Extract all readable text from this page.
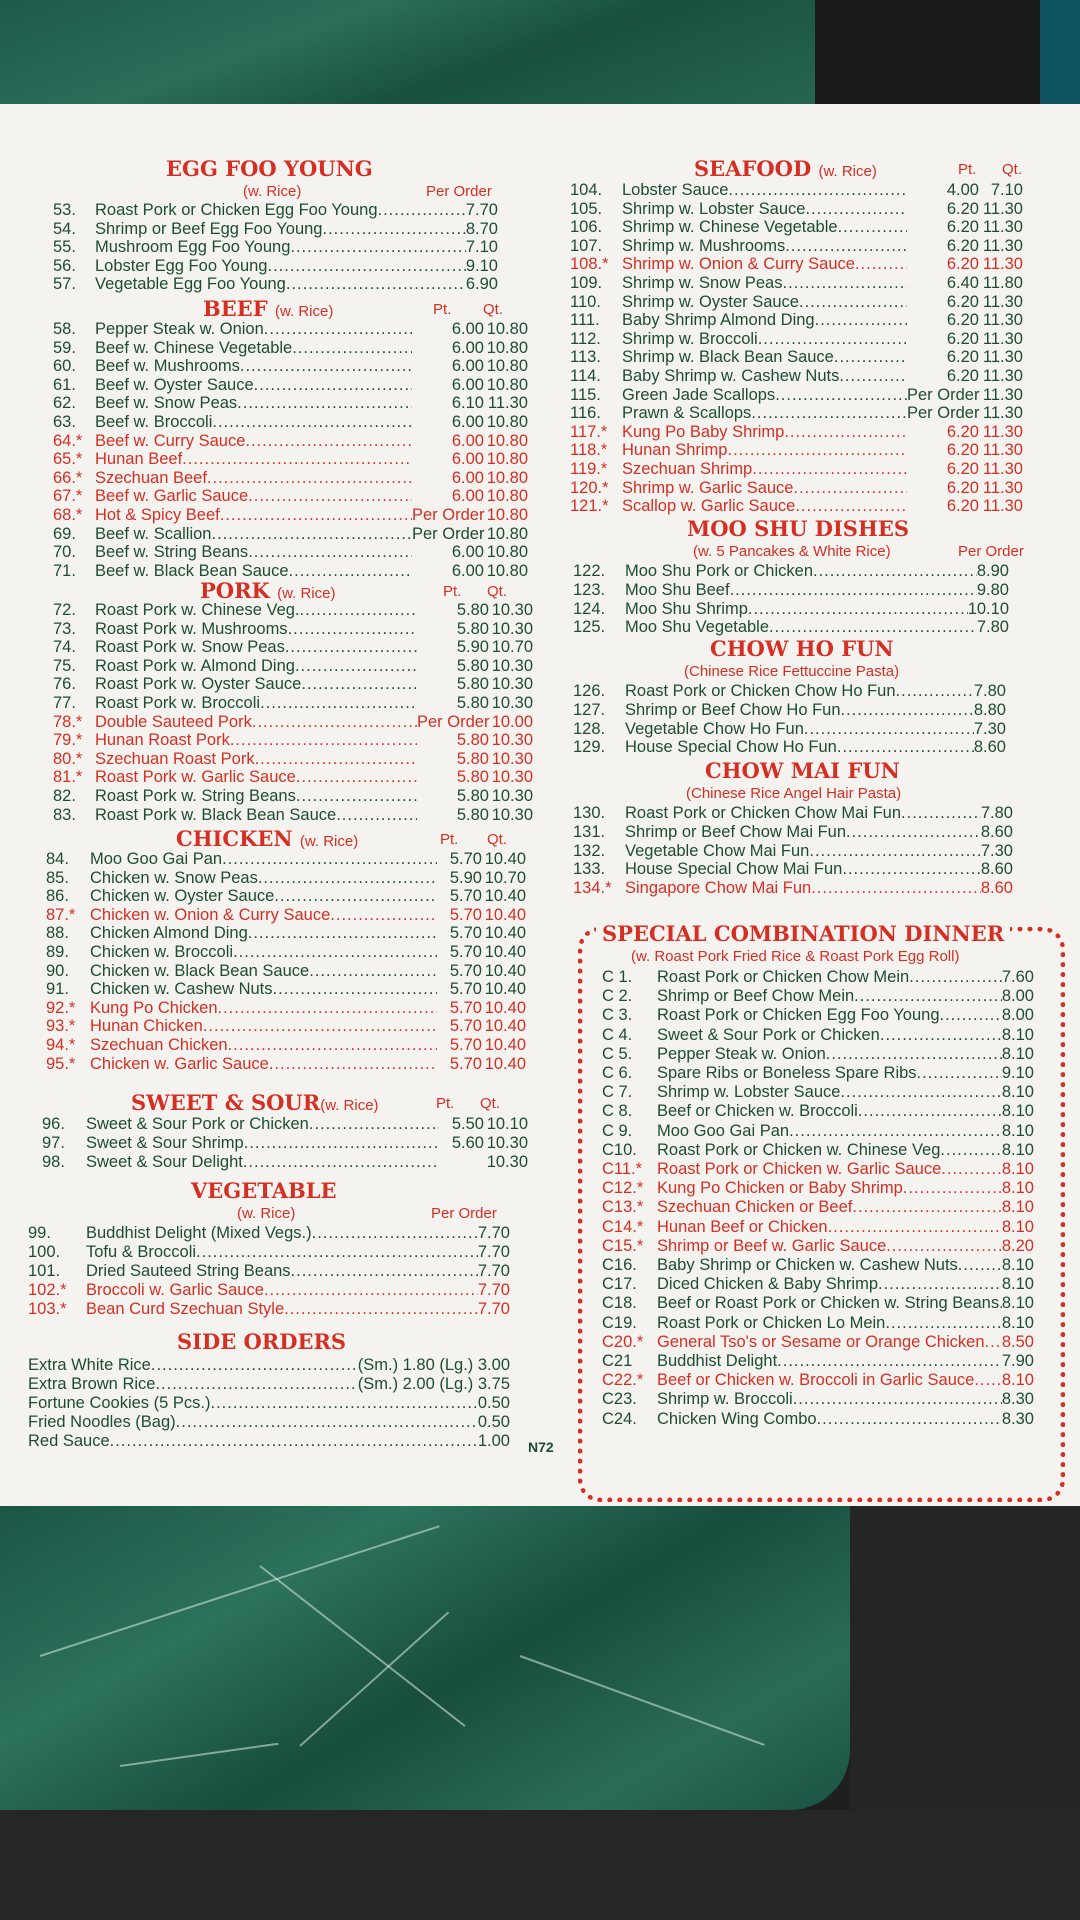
EGG FOO YOUNG
(w. Rice)	Per Order
BEEF (w. Rice)	Pt. Qt.
PORK (w. Rice)	Pt. Qt.
CHICKEN (w. Rice)	Pt. Qt.
SWEET & SOUR(w. Rice)	Pt. Qt.
VEGETABLE
(w. Rice)	Per Order
SIDE ORDERS
53.	Roast Pork or Chicken Egg Foo Young .....	7.70
54.	Shrimp or Beef Egg Foo Young .....	8.70
55.	Mushroom Egg Foo Young .....	7.10
56.	Lobster Egg Foo Young .....	9.10
57.	Vegetable Egg Foo Young .....	6.90
58.	Pepper Steak w. Onion .....	6.00 10.80
59.	Beef w. Chinese Vegetable .....	6.00 10.80
60.	Beef w. Mushrooms .....	6.00 10.80
61.	Beef w. Oyster Sauce .....	6.00 10.80
62.	Beef w. Snow Peas .....	6.10 11.30
63.	Beef w. Broccoli .....	6.00 10.80
64.* Beef w. Curry Sauce .....	6.00 10.80
65.* Hunan Beef .....	6.00 10.80
66.* Szechuan Beef .....	6.00 10.80
67.* Beef w. Garlic Sauce .....	6.00 10.80
68.* Hot & Spicy Beef .....	Per Order 10.80
69.	Beef w. Scallion .....	Per Order 10.80
70.	Beef w. String Beans .....	6.00 10.80
71.	Beef w. Black Bean Sauce .....	6.00 10.80
72.	Roast Pork w. Chinese Veg. .....	5.80 10.30
73.	Roast Pork w. Mushrooms .....	5.80 10.30
74.	Roast Pork w. Snow Peas .....	5.90 10.70
75.	Roast Pork w. Almond Ding .....	5.80 10.30
76.	Roast Pork w. Oyster Sauce .....	5.80 10.30
77.	Roast Pork w. Broccoli .....	5.80 10.30
78.* Double Sauteed Pork .....	Per Order 10.00
79.* Hunan Roast Pork .....	5.80 10.30
80.* Szechuan Roast Pork .....	5.80 10.30
81.* Roast Pork w. Garlic Sauce .....	5.80 10.30
82.	Roast Pork w. String Beans .....	5.80 10.30
83.	Roast Pork w. Black Bean Sauce .....	5.80 10.30
84.	Moo Goo Gai Pan .....	5.70 10.40
85.	Chicken w. Snow Peas .....	5.90 10.70
86.	Chicken w. Oyster Sauce .....	5.70 10.40
87.* Chicken w. Onion & Curry Sauce .....	5.70 10.40
88.	Chicken Almond Ding .....	5.70 10.40
89.	Chicken w. Broccoli .....	5.70 10.40
90.	Chicken w. Black Bean Sauce .....	5.70 10.40
91.	Chicken w. Cashew Nuts .....	5.70 10.40
92.* Kung Po Chicken .....	5.70 10.40
93.* Hunan Chicken .....	5.70 10.40
94.* Szechuan Chicken .....	5.70 10.40
95.* Chicken w. Garlic Sauce .....	5.70 10.40
96.	Sweet & Sour Pork or Chicken .....	5.50 10.10
97.	Sweet & Sour Shrimp .....	5.60 10.30
98.	Sweet & Sour Delight .....	10.30
99.	Buddhist Delight (Mixed Vegs.) .....	7.70
100.	Tofu & Broccoli .....	7.70
101.	Dried Sauteed String Beans .....	7.70
102.*	Broccoli w. Garlic Sauce .....	7.70
103.*	Bean Curd Szechuan Style .....	7.70
Extra White Rice .....	(Sm.) 1.80 (Lg.) 3.00
Extra Brown Rice .....	(Sm.) 2.00 (Lg.) 3.75
Fortune Cookies (5 Pcs.) .....	0.50
Fried Noodles (Bag) .....	0.50
Red Sauce .....	1.00 N72
SEAFOOD (w. Rice)	Pt. Qt.
MOO SHU DISHES
(w. 5 Pancakes & White Rice)	Per Order
CHOW HO FUN
(Chinese Rice Fettuccine Pasta)
CHOW MAI FUN
(Chinese Rice Angel Hair Pasta)
SPECIAL COMBINATION DINNER
(w. Roast Pork Fried Rice & Roast Pork Egg Roll)
104.	Lobster Sauce .....	4.00 7.10
105.	Shrimp w. Lobster Sauce .....	6.20 11.30
106.	Shrimp w. Chinese Vegetable .....	6.20 11.30
107.	Shrimp w. Mushrooms .....	6.20 11.30
108.* Shrimp w. Onion & Curry Sauce .....	6.20 11.30
109.	Shrimp w. Snow Peas .....	6.40 11.80
110.	Shrimp w. Oyster Sauce .....	6.20 11.30
111.	Baby Shrimp Almond Ding .....	6.20 11.30
112.	Shrimp w. Broccoli .....	6.20 11.30
113.	Shrimp w. Black Bean Sauce .....	6.20 11.30
114.	Baby Shrimp w. Cashew Nuts .....	6.20 11.30
115.	Green Jade Scallops .....	Per Order 11.30
116.	Prawn & Scallops .....	Per Order 11.30
117.* Kung Po Baby Shrimp .....	6.20 11.30
118.* Hunan Shrimp .....	6.20 11.30
119.* Szechuan Shrimp .....	6.20 11.30
120.* Shrimp w. Garlic Sauce .....	6.20 11.30
121.* Scallop w. Garlic Sauce .....	6.20 11.30
122.	Moo Shu Pork or Chicken .....	8.90
123.	Moo Shu Beef .....	9.80
124.	Moo Shu Shrimp .....	10.10
125.	Moo Shu Vegetable .....	7.80
126.	Roast Pork or Chicken Chow Ho Fun .....	7.80
127.	Shrimp or Beef Chow Ho Fun .....	8.80
128.	Vegetable Chow Ho Fun .....	7.30
129.	House Special Chow Ho Fun .....	8.60
130.	Roast Pork or Chicken Chow Mai Fun .....	7.80
131.	Shrimp or Beef Chow Mai Fun .....	8.60
132.	Vegetable Chow Mai Fun .....	7.30
133.	House Special Chow Mai Fun .....	8.60
134.* Singapore Chow Mai Fun .....	8.60
C 1.	Roast Pork or Chicken Chow Mein .....	7.60
C 2.	Shrimp or Beef Chow Mein .....	8.00
C 3.	Roast Pork or Chicken Egg Foo Young .....	8.00
C 4.	Sweet & Sour Pork or Chicken .....	8.10
C 5.	Pepper Steak w. Onion .....	8.10
C 6.	Spare Ribs or Boneless Spare Ribs .....	9.10
C 7.	Shrimp w. Lobster Sauce .....	8.10
C 8.	Beef or Chicken w. Broccoli .....	8.10
C 9.	Moo Goo Gai Pan .....	8.10
C10.	Roast Pork or Chicken w. Chinese Veg .....	8.10
C11.* Roast Pork or Chicken w. Garlic Sauce .....	8.10
C12.* Kung Po Chicken or Baby Shrimp .....	8.10
C13.* Szechuan Chicken or Beef .....	8.10
C14.* Hunan Beef or Chicken .....	8.10
C15.* Shrimp or Beef w. Garlic Sauce .....	8.20
C16.	Baby Shrimp or Chicken w. Cashew Nuts .....	8.10
C17.	Diced Chicken & Baby Shrimp .....	8.10
C18.	Beef or Roast Pork or Chicken w. String Beans ..... 8.10
C19.	Roast Pork or Chicken Lo Mein .....	8.10
C20.* General Tso's or Sesame or Orange Chicken ..... 8.50
C21	Buddhist Delight .....	7.90
C22.* Beef or Chicken w. Broccoli in Garlic Sauce ..... 8.10
C23.	Shrimp w. Broccoli .....	8.30
C24.	Chicken Wing Combo .....	8.30
